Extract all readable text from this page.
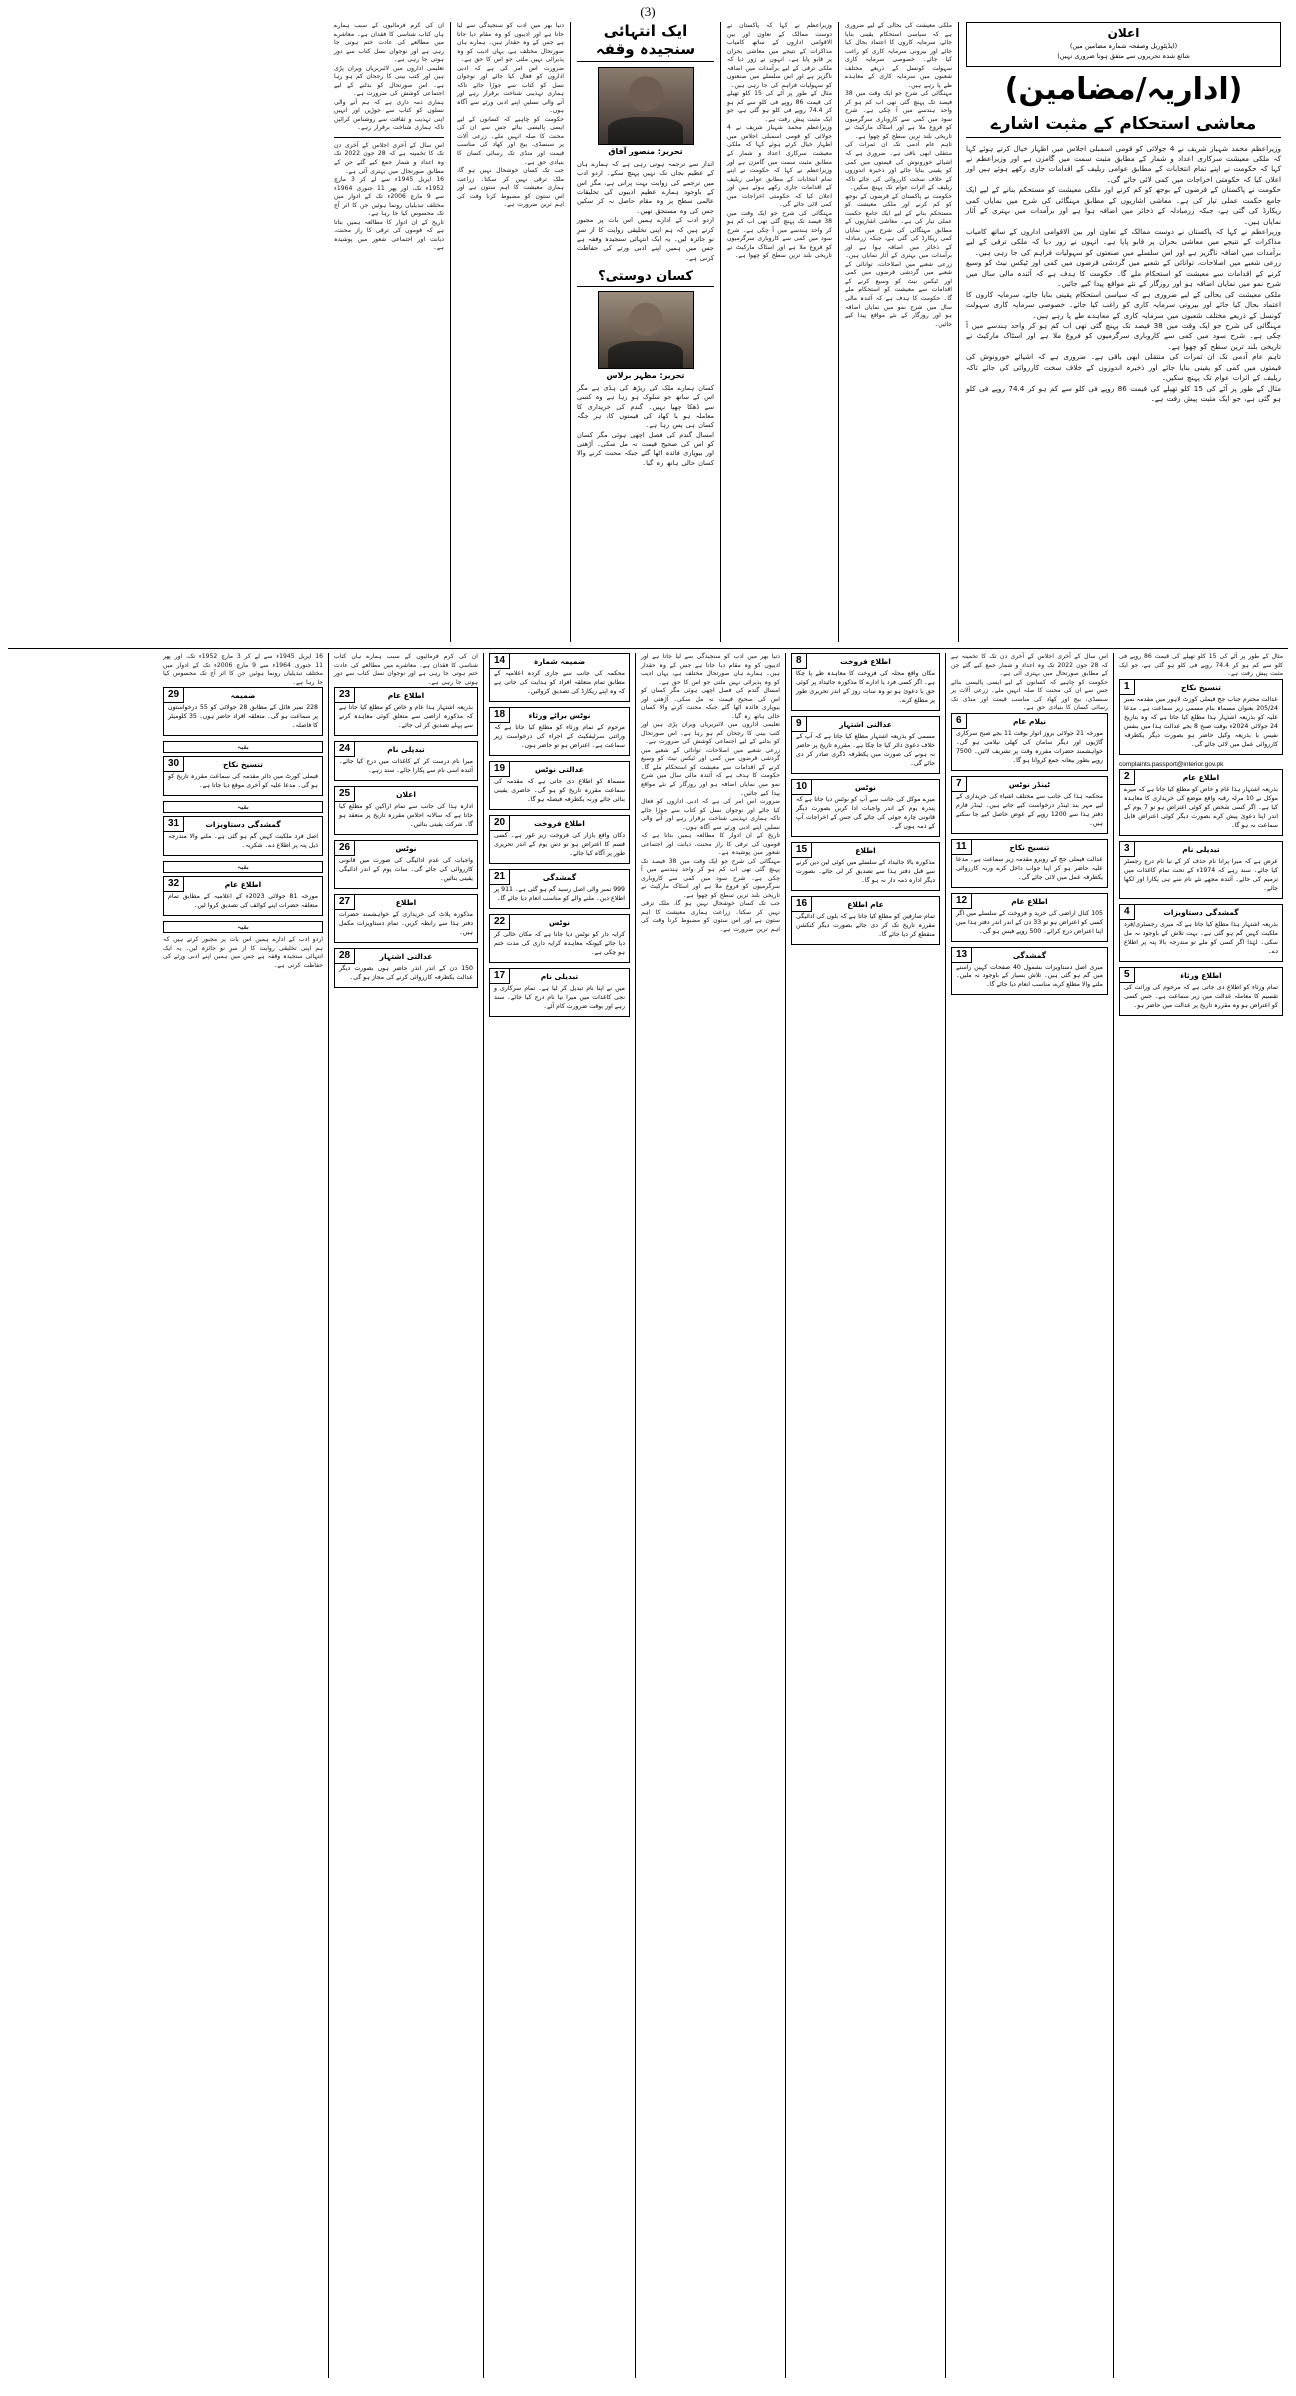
(3)
اعلان
(ایڈیٹوریل وصفحہ شمارہ مضامین میں)
شائع شدہ تحریروں سے متفق ہونا ضروری نہیں)
(اداریہ/مضامین)
معاشی استحکام کے مثبت اشارے
وزیراعظم محمد شہباز شریف نے 4 جولائی کو قومی اسمبلی اجلاس میں اظہار خیال کرتے ہوئے کہا کہ ملکی معیشت سرکاری اعداد و شمار کے مطابق مثبت سمت میں گامزن ہے اور وزیراعظم نے کہا کہ حکومت نے اپنے تمام انتخابات کے مطابق عوامی ریلیف کے اقدامات جاری رکھے ہوئے ہیں اور اعلان کیا کہ حکومتی اخراجات میں کمی لائی جائے گی۔
حکومت نے پاکستان کے قرضوں کے بوجھ کو کم کرنے اور ملکی معیشت کو مستحکم بنانے کے لیے ایک جامع حکمت عملی تیار کی ہے۔ معاشی اشاریوں کے مطابق مہنگائی کی شرح میں نمایاں کمی ریکارڈ کی گئی ہے، جبکہ زرمبادلہ کے ذخائر میں اضافہ ہوا ہے اور برآمدات میں بہتری کے آثار نمایاں ہیں۔
وزیراعظم نے کہا کہ پاکستان نے دوست ممالک کے تعاون اور بین الاقوامی اداروں کے ساتھ کامیاب مذاکرات کے نتیجے میں معاشی بحران پر قابو پایا ہے۔ انہوں نے زور دیا کہ ملکی ترقی کے لیے برآمدات میں اضافہ ناگزیر ہے اور اس سلسلے میں صنعتوں کو سہولیات فراہم کی جا رہی ہیں۔
زرعی شعبے میں اصلاحات، توانائی کے شعبے میں گردشی قرضوں میں کمی اور ٹیکس نیٹ کو وسیع کرنے کے اقدامات سے معیشت کو استحکام ملے گا۔ حکومت کا ہدف ہے کہ آئندہ مالی سال میں شرح نمو میں نمایاں اضافہ ہو اور روزگار کے نئے مواقع پیدا کیے جائیں۔
ملکی معیشت کی بحالی کے لیے ضروری ہے کہ سیاسی استحکام یقینی بنایا جائے، سرمایہ کاروں کا اعتماد بحال کیا جائے اور بیرونی سرمایہ کاری کو راغب کیا جائے۔ خصوصی سرمایہ کاری سہولت کونسل کے ذریعے مختلف شعبوں میں سرمایہ کاری کے معاہدے طے پا رہے ہیں۔
مہنگائی کی شرح جو ایک وقت میں 38 فیصد تک پہنچ گئی تھی اب کم ہو کر واحد ہندسے میں آ چکی ہے۔ شرح سود میں کمی سے کاروباری سرگرمیوں کو فروغ ملا ہے اور اسٹاک مارکیٹ نے تاریخی بلند ترین سطح کو چھوا ہے۔
تاہم عام آدمی تک ان ثمرات کی منتقلی ابھی باقی ہے۔ ضروری ہے کہ اشیائے خورونوش کی قیمتوں میں کمی کو یقینی بنایا جائے اور ذخیرہ اندوزوں کے خلاف سخت کارروائی کی جائے تاکہ ریلیف کے اثرات عوام تک پہنچ سکیں۔
مثال کے طور پر آٹے کی 15 کلو تھیلے کی قیمت 86 روپے فی کلو سے کم ہو کر 74.4 روپے فی کلو ہو گئی ہے، جو ایک مثبت پیش رفت ہے۔
ملکی معیشت کی بحالی کے لیے ضروری ہے کہ سیاسی استحکام یقینی بنایا جائے، سرمایہ کاروں کا اعتماد بحال کیا جائے اور بیرونی سرمایہ کاری کو راغب کیا جائے۔ خصوصی سرمایہ کاری سہولت کونسل کے ذریعے مختلف شعبوں میں سرمایہ کاری کے معاہدے طے پا رہے ہیں۔
مہنگائی کی شرح جو ایک وقت میں 38 فیصد تک پہنچ گئی تھی اب کم ہو کر واحد ہندسے میں آ چکی ہے۔ شرح سود میں کمی سے کاروباری سرگرمیوں کو فروغ ملا ہے اور اسٹاک مارکیٹ نے تاریخی بلند ترین سطح کو چھوا ہے۔
تاہم عام آدمی تک ان ثمرات کی منتقلی ابھی باقی ہے۔ ضروری ہے کہ اشیائے خورونوش کی قیمتوں میں کمی کو یقینی بنایا جائے اور ذخیرہ اندوزوں کے خلاف سخت کارروائی کی جائے تاکہ ریلیف کے اثرات عوام تک پہنچ سکیں۔
حکومت نے پاکستان کے قرضوں کے بوجھ کو کم کرنے اور ملکی معیشت کو مستحکم بنانے کے لیے ایک جامع حکمت عملی تیار کی ہے۔ معاشی اشاریوں کے مطابق مہنگائی کی شرح میں نمایاں کمی ریکارڈ کی گئی ہے، جبکہ زرمبادلہ کے ذخائر میں اضافہ ہوا ہے اور برآمدات میں بہتری کے آثار نمایاں ہیں۔
زرعی شعبے میں اصلاحات، توانائی کے شعبے میں گردشی قرضوں میں کمی اور ٹیکس نیٹ کو وسیع کرنے کے اقدامات سے معیشت کو استحکام ملے گا۔ حکومت کا ہدف ہے کہ آئندہ مالی سال میں شرح نمو میں نمایاں اضافہ ہو اور روزگار کے نئے مواقع پیدا کیے جائیں۔
وزیراعظم نے کہا کہ پاکستان نے دوست ممالک کے تعاون اور بین الاقوامی اداروں کے ساتھ کامیاب مذاکرات کے نتیجے میں معاشی بحران پر قابو پایا ہے۔ انہوں نے زور دیا کہ ملکی ترقی کے لیے برآمدات میں اضافہ ناگزیر ہے اور اس سلسلے میں صنعتوں کو سہولیات فراہم کی جا رہی ہیں۔
مثال کے طور پر آٹے کی 15 کلو تھیلے کی قیمت 86 روپے فی کلو سے کم ہو کر 74.4 روپے فی کلو ہو گئی ہے، جو ایک مثبت پیش رفت ہے۔
وزیراعظم محمد شہباز شریف نے 4 جولائی کو قومی اسمبلی اجلاس میں اظہار خیال کرتے ہوئے کہا کہ ملکی معیشت سرکاری اعداد و شمار کے مطابق مثبت سمت میں گامزن ہے اور وزیراعظم نے کہا کہ حکومت نے اپنے تمام انتخابات کے مطابق عوامی ریلیف کے اقدامات جاری رکھے ہوئے ہیں اور اعلان کیا کہ حکومتی اخراجات میں کمی لائی جائے گی۔
مہنگائی کی شرح جو ایک وقت میں 38 فیصد تک پہنچ گئی تھی اب کم ہو کر واحد ہندسے میں آ چکی ہے۔ شرح سود میں کمی سے کاروباری سرگرمیوں کو فروغ ملا ہے اور اسٹاک مارکیٹ نے تاریخی بلند ترین سطح کو چھوا ہے۔
ایک انتہائی سنجیدہ وقفہ
تحریر: منصور آفاق
انداز سے ترجمہ ہوتی رہی ہے کہ ہمارے ہاں کے عظیم بجاں تک نہیں پہنچ سکے۔ اردو ادب میں ترجمے کی روایت بہت پرانی ہے، مگر اس کے باوجود ہمارے عظیم ادیبوں کی تخلیقات عالمی سطح پر وہ مقام حاصل نہ کر سکیں جس کی وہ مستحق تھیں۔
اردو ادب کے ادارے ہمیں اس بات پر مجبور کرتے ہیں کہ ہم اپنی تخلیقی روایت کا از سرِ نو جائزہ لیں۔ یہ ایک انتہائی سنجیدہ وقفہ ہے جس میں ہمیں اپنے ادبی ورثے کی حفاظت کرنی ہے۔
کسان دوستی؟
تحریر: مظہر برلاس
کسان ہمارے ملک کی ریڑھ کی ہڈی ہے مگر اس کے ساتھ جو سلوک ہو رہا ہے وہ کسی سے ڈھکا چھپا نہیں۔ گندم کی خریداری کا معاملہ ہو یا کھاد کی قیمتوں کا، ہر جگہ کسان ہی پس رہا ہے۔
امسال گندم کی فصل اچھی ہوئی مگر کسان کو اس کی صحیح قیمت نہ مل سکی۔ آڑھتی اور بیوپاری فائدہ اٹھا گئے جبکہ محنت کرنے والا کسان خالی ہاتھ رہ گیا۔
دنیا بھر میں ادب کو سنجیدگی سے لیا جاتا ہے اور ادیبوں کو وہ مقام دیا جاتا ہے جس کے وہ حقدار ہیں۔ ہمارے ہاں صورتحال مختلف ہے، یہاں ادیب کو وہ پذیرائی نہیں ملتی جو اس کا حق ہے۔
ضرورت اس امر کی ہے کہ ادبی اداروں کو فعال کیا جائے اور نوجوان نسل کو کتاب سے جوڑا جائے تاکہ ہماری تہذیبی شناخت برقرار رہے اور آنے والی نسلیں اپنے ادبی ورثے سے آگاہ ہوں۔
حکومت کو چاہیے کہ کسانوں کے لیے ایسی پالیسی بنائے جس سے ان کی محنت کا صلہ انہیں ملے۔ زرعی آلات پر سبسڈی، بیج اور کھاد کی مناسب قیمت اور منڈی تک رسائی کسان کا بنیادی حق ہے۔
جب تک کسان خوشحال نہیں ہو گا، ملک ترقی نہیں کر سکتا۔ زراعت ہماری معیشت کا اہم ستون ہے اور اس ستون کو مضبوط کرنا وقت کی اہم ترین ضرورت ہے۔
ان کی کرم فرمائیوں کے سبب ہمارے ہاں کتاب شناسی کا فقدان ہے۔ معاشرے میں مطالعے کی عادت ختم ہوتی جا رہی ہے اور نوجوان نسل کتاب سے دور ہوتی جا رہی ہے۔
تعلیمی اداروں میں لائبریریاں ویران پڑی ہیں اور کتب بینی کا رجحان کم ہو رہا ہے۔ اس صورتحال کو بدلنے کے لیے اجتماعی کوشش کی ضرورت ہے۔
ہماری ذمہ داری ہے کہ ہم آنے والی نسلوں کو کتاب سے جوڑیں اور انہیں اپنی تہذیب و ثقافت سے روشناس کرائیں تاکہ ہماری شناخت برقرار رہے۔
اس سال کے آخری اجلاس کے آخری دن تک کا تخمینہ ہے کہ 28 جون 2022 تک وہ اعداد و شمار جمع کیے گئے جن کے مطابق صورتحال میں بہتری آئی ہے۔
16 اپریل 1945ء سے لے کر 3 مارچ 1952ء تک، اور پھر 11 جنوری 1964ء سے 9 مارچ 2006ء تک کے ادوار میں مختلف تبدیلیاں رونما ہوئیں جن کا اثر آج تک محسوس کیا جا رہا ہے۔
تاریخ کے ان ادوار کا مطالعہ ہمیں بتاتا ہے کہ قوموں کی ترقی کا راز محنت، دیانت اور اجتماعی شعور میں پوشیدہ ہے۔
مثال کے طور پر آٹے کی 15 کلو تھیلے کی قیمت 86 روپے فی کلو سے کم ہو کر 74.4 روپے فی کلو ہو گئی ہے، جو ایک مثبت پیش رفت ہے۔
1	تنسیخ نکاح
عدالت محترم جناب جج فیملی کورٹ لاہور میں مقدمہ نمبر 205/24 بعنوان مسماۃ بنام مسمی زیر سماعت ہے۔ مدعا علیہ کو بذریعہ اشتہار ہذا مطلع کیا جاتا ہے کہ وہ بتاریخ 24 جولائی 2024ء بوقت صبح 8 بجے عدالت ہذا میں بنفس نفیس یا بذریعہ وکیل حاضر ہو بصورت دیگر یکطرفہ کارروائی عمل میں لائی جائے گی۔
complaints.passport@interior.gov.pk
2	اطلاع عام
بذریعہ اشتہار ہذا عام و خاص کو مطلع کیا جاتا ہے کہ میرے موکل نے 10 مرلہ رقبہ واقع موضع کی خریداری کا معاہدہ کیا ہے۔ اگر کسی شخص کو کوئی اعتراض ہو تو 7 یوم کے اندر اپنا دعویٰ پیش کرے بصورت دیگر کوئی اعتراض قابل سماعت نہ ہو گا۔
3	تبدیلی نام
عرض ہے کہ میرا پرانا نام حذف کر کے نیا نام درج رجسٹر کیا جائے۔ سند رہے کہ 1974ء کے تحت تمام کاغذات میں ترمیم کی جائے۔ آئندہ مجھے نئے نام سے ہی پکارا اور لکھا جائے۔
4	گمشدگی دستاویزات
بذریعہ اشتہار ہذا مطلع کیا جاتا ہے کہ میری رجسٹری/فرد ملکیت کہیں گم ہو گئی ہے۔ بہت تلاش کے باوجود نہ مل سکی۔ لہٰذا اگر کسی کو ملے تو مندرجہ بالا پتہ پر اطلاع دے۔
5	اطلاع ورثاء
تمام ورثاء کو اطلاع دی جاتی ہے کہ مرحوم کی وراثت کی تقسیم کا معاملہ عدالت میں زیر سماعت ہے۔ جس کسی کو اعتراض ہو وہ مقررہ تاریخ پر عدالت میں حاضر ہو۔
اس سال کے آخری اجلاس کے آخری دن تک کا تخمینہ ہے کہ 28 جون 2022 تک وہ اعداد و شمار جمع کیے گئے جن کے مطابق صورتحال میں بہتری آئی ہے۔
حکومت کو چاہیے کہ کسانوں کے لیے ایسی پالیسی بنائے جس سے ان کی محنت کا صلہ انہیں ملے۔ زرعی آلات پر سبسڈی، بیج اور کھاد کی مناسب قیمت اور منڈی تک رسائی کسان کا بنیادی حق ہے۔
6	نیلام عام
مورخہ 21 جولائی بروز اتوار بوقت 11 بجے صبح سرکاری گاڑیوں اور دیگر سامان کی کھلی نیلامی ہو گی۔ خواہشمند حضرات مقررہ وقت پر تشریف لائیں۔ 7500 روپے بطور بیعانہ جمع کروانا ہو گا۔
7	ٹینڈر نوٹس
محکمہ ہذا کی جانب سے مختلف اشیاء کی خریداری کے لیے مہر بند ٹینڈر درخواست کیے جاتے ہیں۔ ٹینڈر فارم دفتر ہذا سے 1200 روپے کے عوض حاصل کیے جا سکتے ہیں۔
11	تنسیخ نکاح
عدالت فیملی جج کے روبرو مقدمہ زیر سماعت ہے۔ مدعا علیہ حاضر ہو کر اپنا جواب داخل کرے ورنہ کارروائی یکطرفہ عمل میں لائی جائے گی۔
12	اطلاع عام
105 کنال اراضی کی خرید و فروخت کے سلسلے میں اگر کسی کو اعتراض ہو تو 33 دن کے اندر اندر دفتر ہذا میں اپنا اعتراض درج کرائے۔ 500 روپے فیس ہو گی۔
13	گمشدگی
میری اصل دستاویزات بشمول 40 صفحات کہیں راستے میں گم ہو گئی ہیں۔ تلاش بسیار کے باوجود نہ ملیں۔ ملنے والا مطلع کرے، مناسب انعام دیا جائے گا۔
8	اطلاع فروخت
مکان واقع محلہ کی فروخت کا معاہدہ طے پا چکا ہے۔ اگر کسی فرد یا ادارے کا مذکورہ جائیداد پر کوئی حق یا دعویٰ ہو تو وہ سات روز کے اندر تحریری طور پر مطلع کرے۔
9	عدالتی اشتہار
مسمی کو بذریعہ اشتہار مطلع کیا جاتا ہے کہ آپ کے خلاف دعویٰ دائر کیا جا چکا ہے۔ مقررہ تاریخ پر حاضر نہ ہونے کی صورت میں یکطرفہ ڈگری صادر کر دی جائے گی۔
10	نوٹس
میرے موکل کی جانب سے آپ کو نوٹس دیا جاتا ہے کہ پندرہ یوم کے اندر واجبات ادا کریں بصورت دیگر قانونی چارہ جوئی کی جائے گی جس کے اخراجات آپ کے ذمہ ہوں گے۔
15	اطلاع
مذکورہ بالا جائیداد کے سلسلے میں کوئی لین دین کرنے سے قبل دفتر ہذا سے تصدیق کر لی جائے۔ بصورت دیگر ادارہ ذمہ دار نہ ہو گا۔
16	عام اطلاع
تمام صارفین کو مطلع کیا جاتا ہے کہ بلوں کی ادائیگی مقررہ تاریخ تک کر دی جائے بصورت دیگر کنکشن منقطع کر دیا جائے گا۔
دنیا بھر میں ادب کو سنجیدگی سے لیا جاتا ہے اور ادیبوں کو وہ مقام دیا جاتا ہے جس کے وہ حقدار ہیں۔ ہمارے ہاں صورتحال مختلف ہے، یہاں ادیب کو وہ پذیرائی نہیں ملتی جو اس کا حق ہے۔
امسال گندم کی فصل اچھی ہوئی مگر کسان کو اس کی صحیح قیمت نہ مل سکی۔ آڑھتی اور بیوپاری فائدہ اٹھا گئے جبکہ محنت کرنے والا کسان خالی ہاتھ رہ گیا۔
تعلیمی اداروں میں لائبریریاں ویران پڑی ہیں اور کتب بینی کا رجحان کم ہو رہا ہے۔ اس صورتحال کو بدلنے کے لیے اجتماعی کوشش کی ضرورت ہے۔
زرعی شعبے میں اصلاحات، توانائی کے شعبے میں گردشی قرضوں میں کمی اور ٹیکس نیٹ کو وسیع کرنے کے اقدامات سے معیشت کو استحکام ملے گا۔ حکومت کا ہدف ہے کہ آئندہ مالی سال میں شرح نمو میں نمایاں اضافہ ہو اور روزگار کے نئے مواقع پیدا کیے جائیں۔
ضرورت اس امر کی ہے کہ ادبی اداروں کو فعال کیا جائے اور نوجوان نسل کو کتاب سے جوڑا جائے تاکہ ہماری تہذیبی شناخت برقرار رہے اور آنے والی نسلیں اپنے ادبی ورثے سے آگاہ ہوں۔
تاریخ کے ان ادوار کا مطالعہ ہمیں بتاتا ہے کہ قوموں کی ترقی کا راز محنت، دیانت اور اجتماعی شعور میں پوشیدہ ہے۔
مہنگائی کی شرح جو ایک وقت میں 38 فیصد تک پہنچ گئی تھی اب کم ہو کر واحد ہندسے میں آ چکی ہے۔ شرح سود میں کمی سے کاروباری سرگرمیوں کو فروغ ملا ہے اور اسٹاک مارکیٹ نے تاریخی بلند ترین سطح کو چھوا ہے۔
جب تک کسان خوشحال نہیں ہو گا، ملک ترقی نہیں کر سکتا۔ زراعت ہماری معیشت کا اہم ستون ہے اور اس ستون کو مضبوط کرنا وقت کی اہم ترین ضرورت ہے۔
14	ضمیمہ شمارہ
محکمہ کی جانب سے جاری کردہ اعلامیہ کے مطابق تمام متعلقہ افراد کو ہدایت کی جاتی ہے کہ وہ اپنے ریکارڈ کی تصدیق کروائیں۔
18	نوٹس برائے ورثاء
مرحوم کے تمام ورثاء کو مطلع کیا جاتا ہے کہ وراثتی سرٹیفکیٹ کے اجراء کی درخواست زیر سماعت ہے۔ اعتراض ہو تو حاضر ہوں۔
19	عدالتی نوٹس
مسماۃ کو اطلاع دی جاتی ہے کہ مقدمہ کی سماعت مقررہ تاریخ کو ہو گی۔ حاضری یقینی بنائی جائے ورنہ یکطرفہ فیصلہ ہو گا۔
20	اطلاع فروخت
دکان واقع بازار کی فروخت زیر غور ہے۔ کسی قسم کا اعتراض ہو تو دس یوم کے اندر تحریری طور پر آگاہ کیا جائے۔
21	گمشدگی
999 نمبر والی اصل رسید گم ہو گئی ہے۔ 911 پر اطلاع دیں۔ ملنے والے کو مناسب انعام دیا جائے گا۔
22	نوٹس
کرایہ دار کو نوٹس دیا جاتا ہے کہ مکان خالی کر دیا جائے کیونکہ معاہدہ کرایہ داری کی مدت ختم ہو چکی ہے۔
17	تبدیلی نام
میں نے اپنا نام تبدیل کر لیا ہے۔ تمام سرکاری و نجی کاغذات میں میرا نیا نام درج کیا جائے۔ سند رہے اور بوقت ضرورت کام آئے۔
ان کی کرم فرمائیوں کے سبب ہمارے ہاں کتاب شناسی کا فقدان ہے۔ معاشرے میں مطالعے کی عادت ختم ہوتی جا رہی ہے اور نوجوان نسل کتاب سے دور ہوتی جا رہی ہے۔
23	اطلاع عام
بذریعہ اشتہار ہذا عام و خاص کو مطلع کیا جاتا ہے کہ مذکورہ اراضی سے متعلق کوئی معاہدہ کرنے سے پہلے تصدیق کر لی جائے۔
24	تبدیلی نام
میرا نام درست کر کے کاغذات میں درج کیا جائے۔ آئندہ اسی نام سے پکارا جائے۔ سند رہے۔
25	اعلان
ادارہ ہذا کی جانب سے تمام اراکین کو مطلع کیا جاتا ہے کہ سالانہ اجلاس مقررہ تاریخ پر منعقد ہو گا۔ شرکت یقینی بنائیں۔
26	نوٹس
واجبات کی عدم ادائیگی کی صورت میں قانونی کارروائی کی جائے گی۔ سات یوم کے اندر ادائیگی یقینی بنائیں۔
27	اطلاع
مذکورہ پلاٹ کی خریداری کے خواہشمند حضرات دفتر ہذا سے رابطہ کریں۔ تمام دستاویزات مکمل ہیں۔
28	عدالتی اشتہار
150 دن کے اندر اندر حاضر ہوں بصورت دیگر عدالت یکطرفہ کارروائی کرنے کی مجاز ہو گی۔
16 اپریل 1945ء سے لے کر 3 مارچ 1952ء تک، اور پھر 11 جنوری 1964ء سے 9 مارچ 2006ء تک کے ادوار میں مختلف تبدیلیاں رونما ہوئیں جن کا اثر آج تک محسوس کیا جا رہا ہے۔
29	ضمیمہ
228 نمبر فائل کے مطابق 28 جولائی کو 55 درخواستوں پر سماعت ہو گی۔ متعلقہ افراد حاضر ہوں۔ 35 کلومیٹر کا فاصلہ۔
بقیہ
30	تنسیخ نکاح
فیملی کورٹ میں دائر مقدمہ کی سماعت مقررہ تاریخ کو ہو گی۔ مدعا علیہ کو آخری موقع دیا جاتا ہے۔
بقیہ
31	گمشدگی دستاویزات
اصل فرد ملکیت کہیں گم ہو گئی ہے۔ ملنے والا مندرجہ ذیل پتہ پر اطلاع دے۔ شکریہ۔
بقیہ
32	اطلاع عام
مورخہ 81 جولائی 2023ء کے اعلامیہ کے مطابق تمام متعلقہ حضرات اپنے کوائف کی تصدیق کروا لیں۔
بقیہ
اردو ادب کے ادارے ہمیں اس بات پر مجبور کرتے ہیں کہ ہم اپنی تخلیقی روایت کا از سرِ نو جائزہ لیں۔ یہ ایک انتہائی سنجیدہ وقفہ ہے جس میں ہمیں اپنے ادبی ورثے کی حفاظت کرنی ہے۔
